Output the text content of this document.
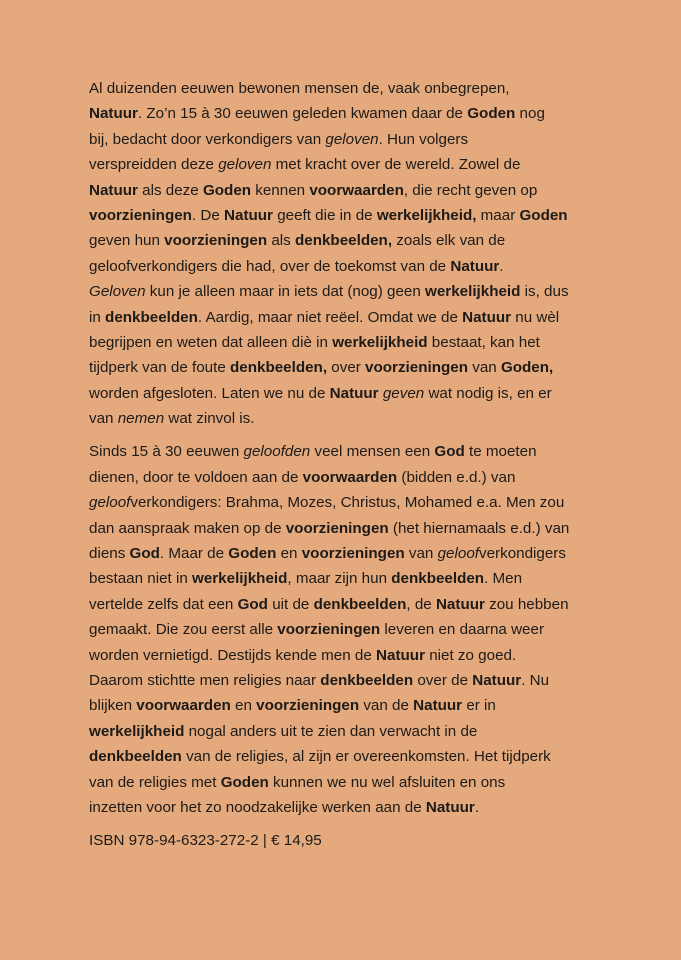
Al duizenden eeuwen bewonen mensen de, vaak onbegrepen,
Natuur. Zo’n 15 à 30 eeuwen geleden kwamen daar de Goden nog
bij, bedacht door verkondigers van geloven. Hun volgers
verspreidden deze geloven met kracht over de wereld. Zowel de
Natuur als deze Goden kennen voorwaarden, die recht geven op
voorzieningen. De Natuur geeft die in de werkelijkheid, maar Goden
geven hun voorzieningen als denkbeelden, zoals elk van de
geloofverkondigers die had, over de toekomst van de Natuur.
Geloven kun je alleen maar in iets dat (nog) geen werkelijkheid is, dus
in denkbeelden. Aardig, maar niet reëel. Omdat we de Natuur nu wèl
begrijpen en weten dat alleen diè in werkelijkheid bestaat, kan het
tijdperk van de foute denkbeelden, over voorzieningen van Goden,
worden afgesloten. Laten we nu de Natuur geven wat nodig is, en er
van nemen wat zinvol is.
Sinds 15 à 30 eeuwen geloofden veel mensen een God te moeten
dienen, door te voldoen aan de voorwaarden (bidden e.d.) van
geloofverkondigers: Brahma, Mozes, Christus, Mohamed e.a. Men zou
dan aanspraak maken op de voorzieningen (het hiernamaals e.d.) van
diens God. Maar de Goden en voorzieningen van geloofverkondigers
bestaan niet in werkelijkheid, maar zijn hun denkbeelden. Men
vertelde zelfs dat een God uit de denkbeelden, de Natuur zou hebben
gemaakt. Die zou eerst alle voorzieningen leveren en daarna weer
worden vernietigd. Destijds kende men de Natuur niet zo goed.
Daarom stichtte men religies naar denkbeelden over de Natuur. Nu
blijken voorwaarden en voorzieningen van de Natuur er in
werkelijkheid nogal anders uit te zien dan verwacht in de
denkbeelden van de religies, al zijn er overeenkomsten. Het tijdperk
van de religies met Goden kunnen we nu wel afsluiten en ons
inzetten voor het zo noodzakelijke werken aan de Natuur.

ISBN 978-94-6323-272-2 | € 14,95
